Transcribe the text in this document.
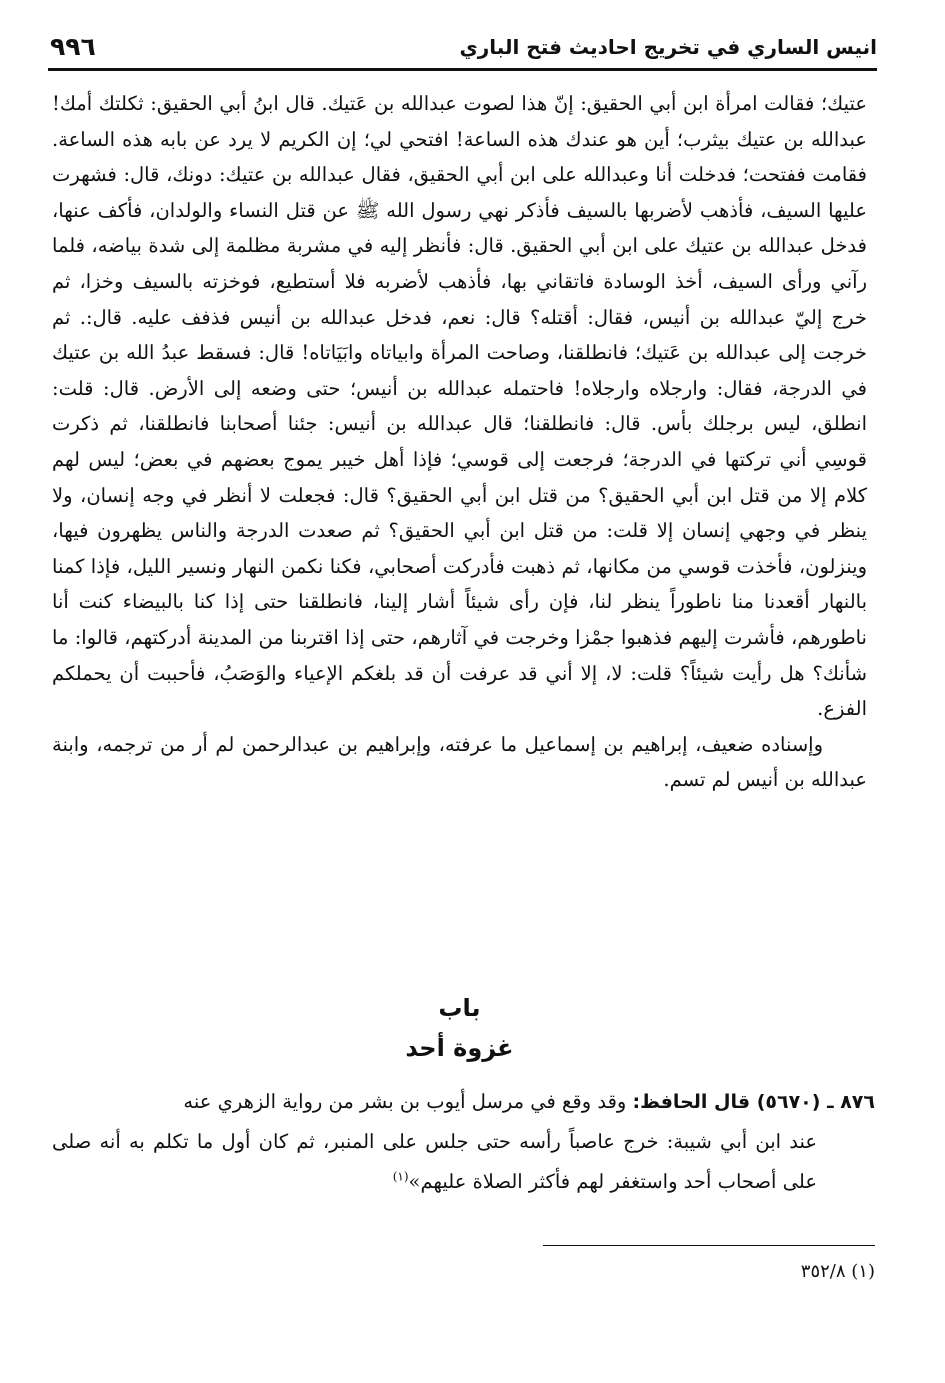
انيس الساري في تخريج احاديث فتح الباري
٩٩٦

عتيك؛ فقالت امرأة ابن أبي الحقيق: إنّ هذا لصوت عبدالله بن عَتيك. قال ابنُ أبي الحقيق: ثكلتك أمك! عبدالله بن عتيك بيثرب؛ أين هو عندك هذه الساعة! افتحي لي؛ إن الكريم لا يرد عن بابه هذه الساعة. فقامت ففتحت؛ فدخلت أنا وعبدالله على ابن أبي الحقيق، فقال عبدالله بن عتيك: دونك، قال: فشهرت عليها السيف، فأذهب لأضربها بالسيف فأذكر نهي رسول الله ﷺ عن قتل النساء والولدان، فأكف عنها، فدخل عبدالله بن عتيك على ابن أبي الحقيق. قال: فأنظر إليه في مشربة مظلمة إلى شدة بياضه، فلما رآني ورأى السيف، أخذ الوسادة فاتقاني بها، فأذهب لأضربه فلا أستطيع، فوخزته بالسيف وخزا، ثم خرج إليّ عبدالله بن أنيس، فقال: أقتله؟ قال: نعم، فدخل عبدالله بن أنيس فذفف عليه. قال:. ثم خرجت إلى عبدالله بن عَتيك؛ فانطلقنا، وصاحت المرأة وابياتاه وابَيَاتاه! قال: فسقط عبدُ الله بن عتيك في الدرجة، فقال: وارجلاه وارجلاه! فاحتمله عبدالله بن أنيس؛ حتى وضعه إلى الأرض. قال: قلت: انطلق، ليس برجلك بأس. قال: فانطلقنا؛ قال عبدالله بن أنيس: جئنا أصحابنا فانطلقنا، ثم ذكرت قوسِي أني تركتها في الدرجة؛ فرجعت إلى قوسي؛ فإذا أهل خيبر يموج بعضهم في بعض؛ ليس لهم كلام إلا من قتل ابن أبي الحقيق؟ من قتل ابن أبي الحقيق؟ قال: فجعلت لا أنظر في وجه إنسان، ولا ينظر في وجهي إنسان إلا قلت: من قتل ابن أبي الحقيق؟ ثم صعدت الدرجة والناس يظهرون فيها، وينزلون، فأخذت قوسي من مكانها، ثم ذهبت فأدركت أصحابي، فكنا نكمن النهار ونسير الليل، فإذا كمنا بالنهار أقعدنا منا ناطوراً ينظر لنا، فإن رأى شيئاً أشار إلينا، فانطلقنا حتى إذا كنا بالبيضاء كنت أنا ناطورهم، فأشرت إليهم فذهبوا جمْزا وخرجت في آثارهم، حتى إذا اقتربنا من المدينة أدركتهم، قالوا: ما شأنك؟ هل رأيت شيئاً؟ قلت: لا، إلا أني قد عرفت أن قد بلغكم الإعياء والوَصَبُ، فأحببت أن يحملكم الفزع.

وإسناده ضعيف، إبراهيم بن إسماعيل ما عرفته، وإبراهيم بن عبدالرحمن لم أر من ترجمه، وابنة عبدالله بن أنيس لم تسم.

باب
غزوة أحد

٨٧٦ ـ (٥٦٧٠) قال الحافظ: وقد وقع في مرسل أيوب بن بشر من رواية الزهري عنه

عند ابن أبي شيبة: خرج عاصباً رأسه حتى جلس على المنبر، ثم كان أول ما تكلم به أنه صلى على أصحاب أحد واستغفر لهم فأكثر الصلاة عليهم»$^{(١)}$

(١) ٣٥٢/٨
